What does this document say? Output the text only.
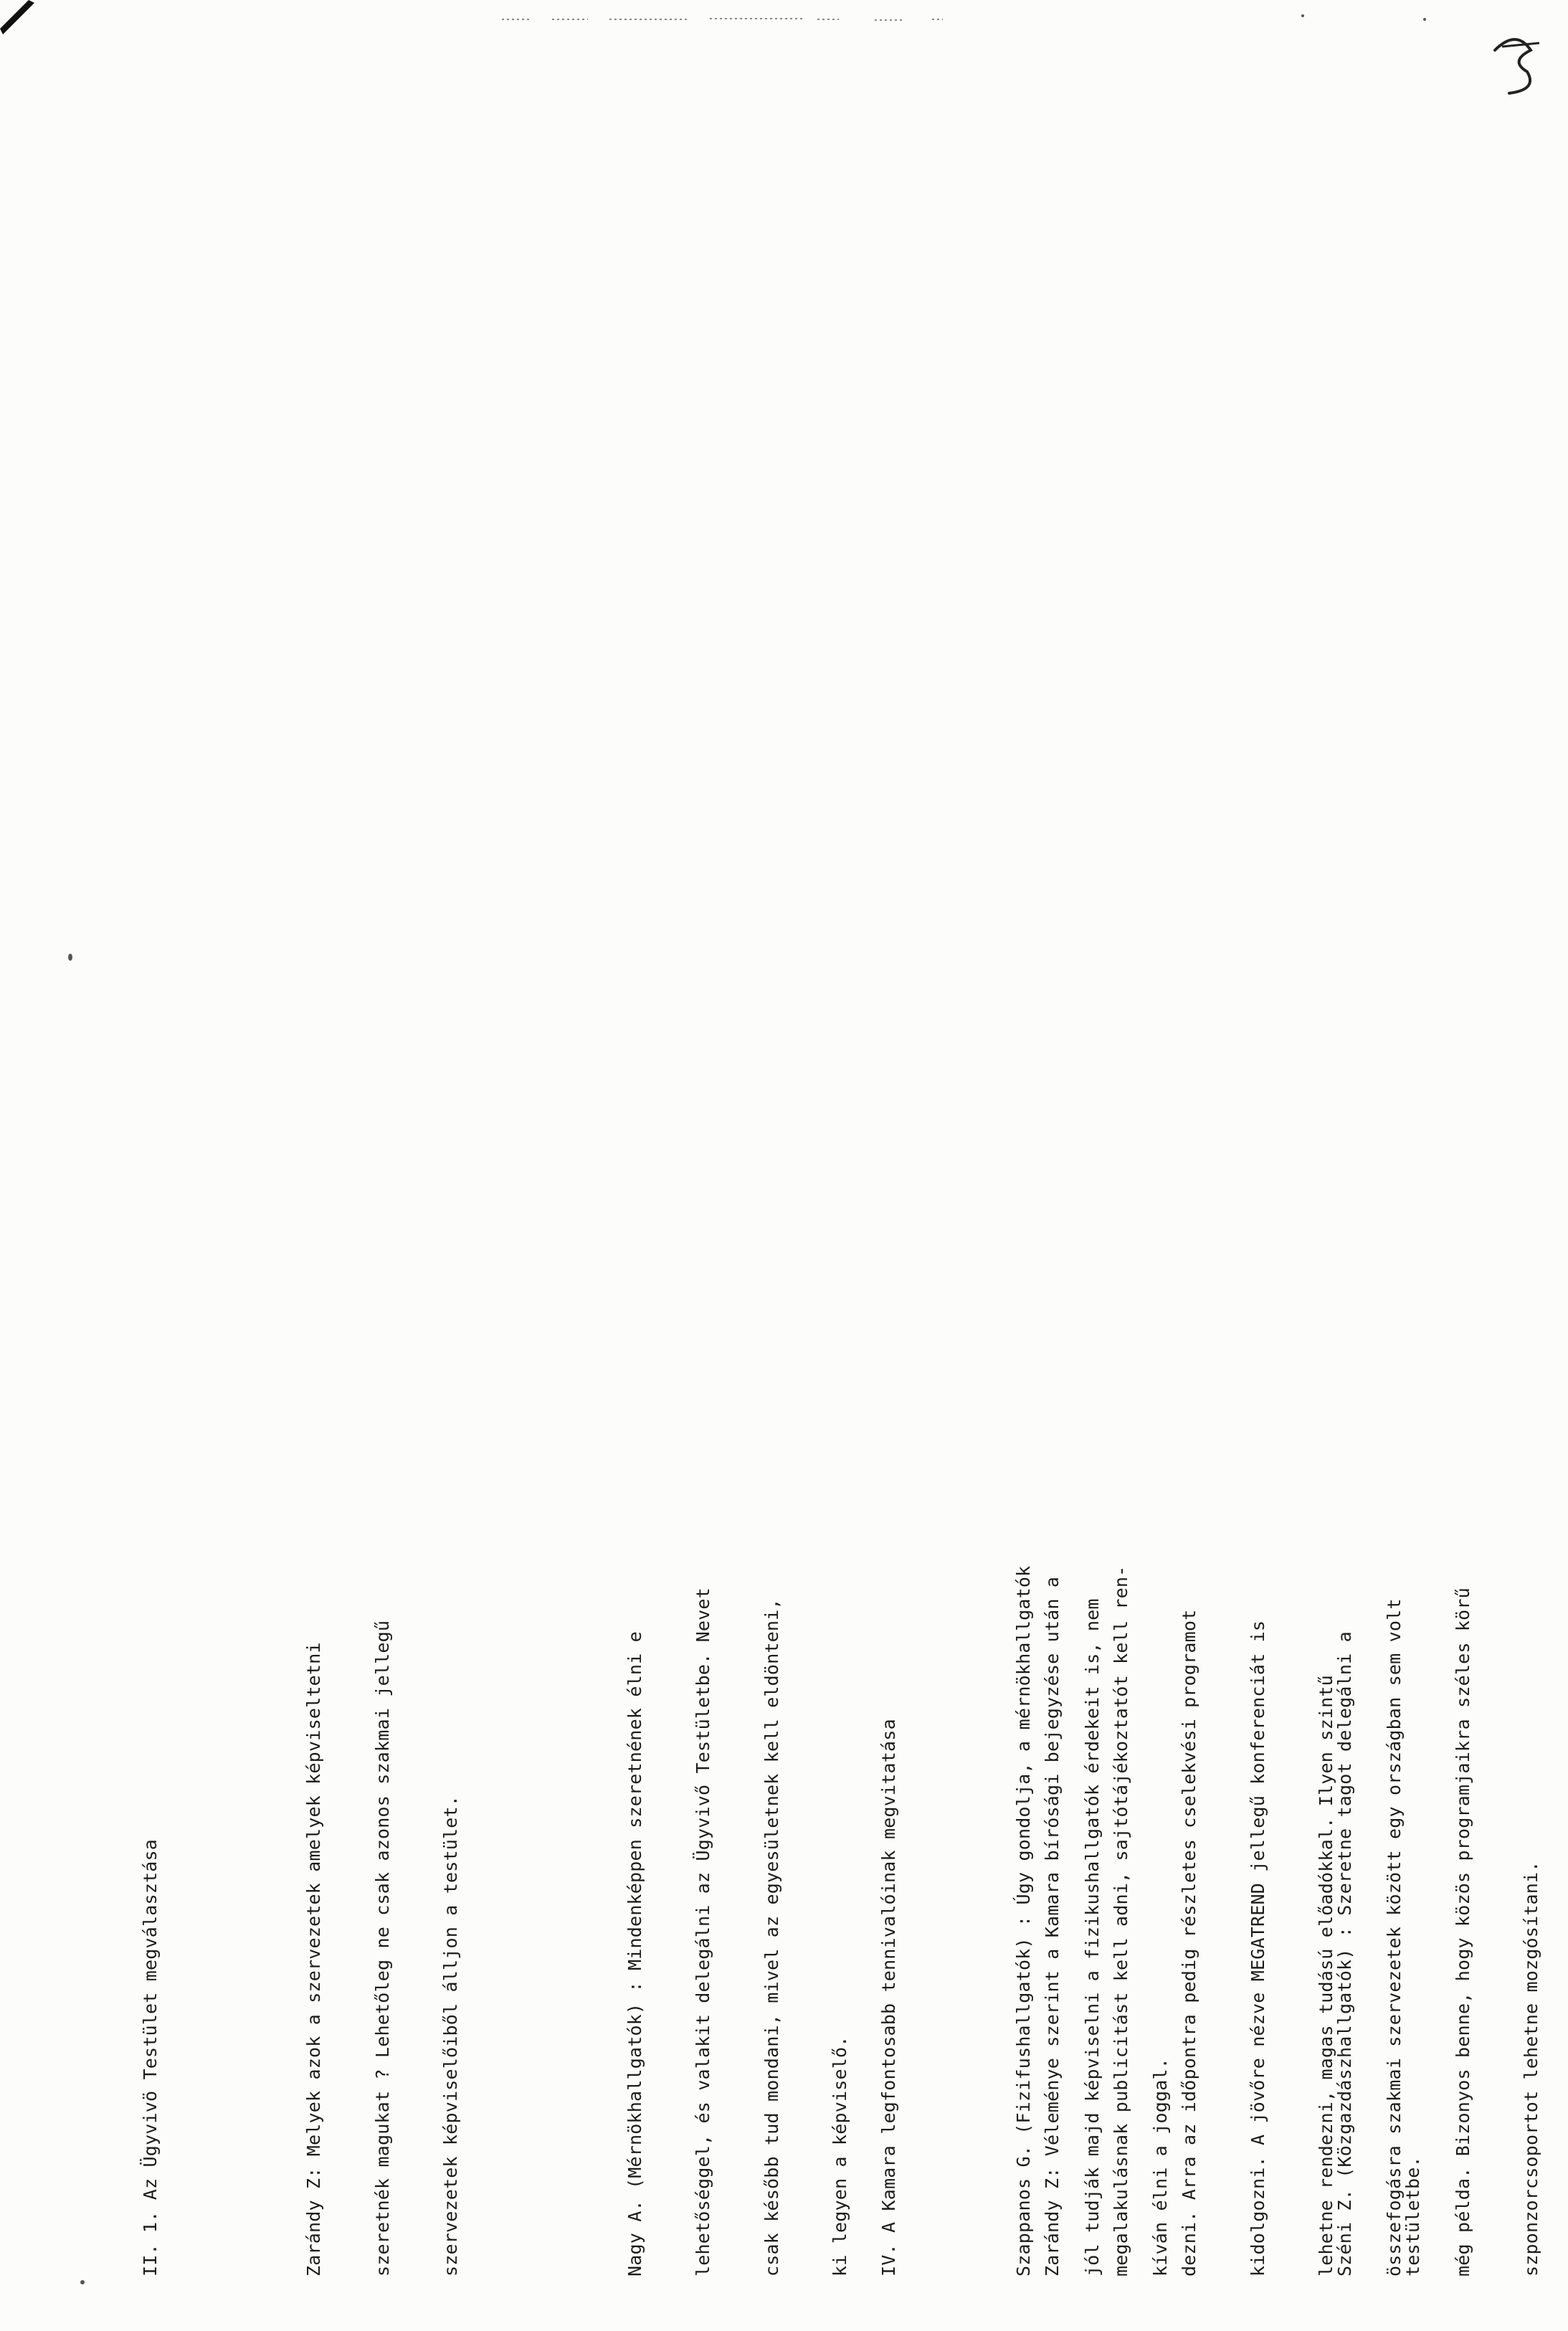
II. 1. Az Ügyvivö Testület megválasztása

	Zarándy Z: Melyek azok a szervezetek amelyek képviseltetni

	szeretnék magukat ? Lehetőleg ne csak azonos szakmai jellegű

	szervezetek képviselőiből álljon a testület.

	Nagy A. (Mérnökhallgatók) : Mindenképpen szeretnének élni e

	lehetőséggel, és valakit delegálni az Ügyvivő Testületbe. Nevet

	csak később tud mondani, mivel az egyesületnek kell eldönteni,

	ki legyen a képviselő.

	Szappanos G. (Fizifushallgatók) : Úgy gondolja, a mérnökhallgatók

	jól tudják majd képviselni a fizikushallgatók érdekeit is, nem

	kíván élni a joggal.

	Széni Z. (Közgazdászhallgatók) : Szeretne tagot delegálni a

	testületbe.

IV. A Kamara legfontosabb tennivalóinak megvitatása

	Zarándy Z: Véleménye szerint a Kamara bírósági bejegyzése után a

	megalakulásnak publicitást kell adni, sajtótájékoztatót kell ren-

	dezni. Arra az időpontra pedig részletes cselekvési programot

	kidolgozni. A jövőre nézve MEGATREND jellegű konferenciát is

	lehetne rendezni, magas tudású előadókkal. Ilyen szintű

	összefogásra szakmai szervezetek között egy országban sem volt

	még példa. Bizonyos benne, hogy közös programjaikra széles körű

	szponzorcsoportot lehetne mozgósítani.
